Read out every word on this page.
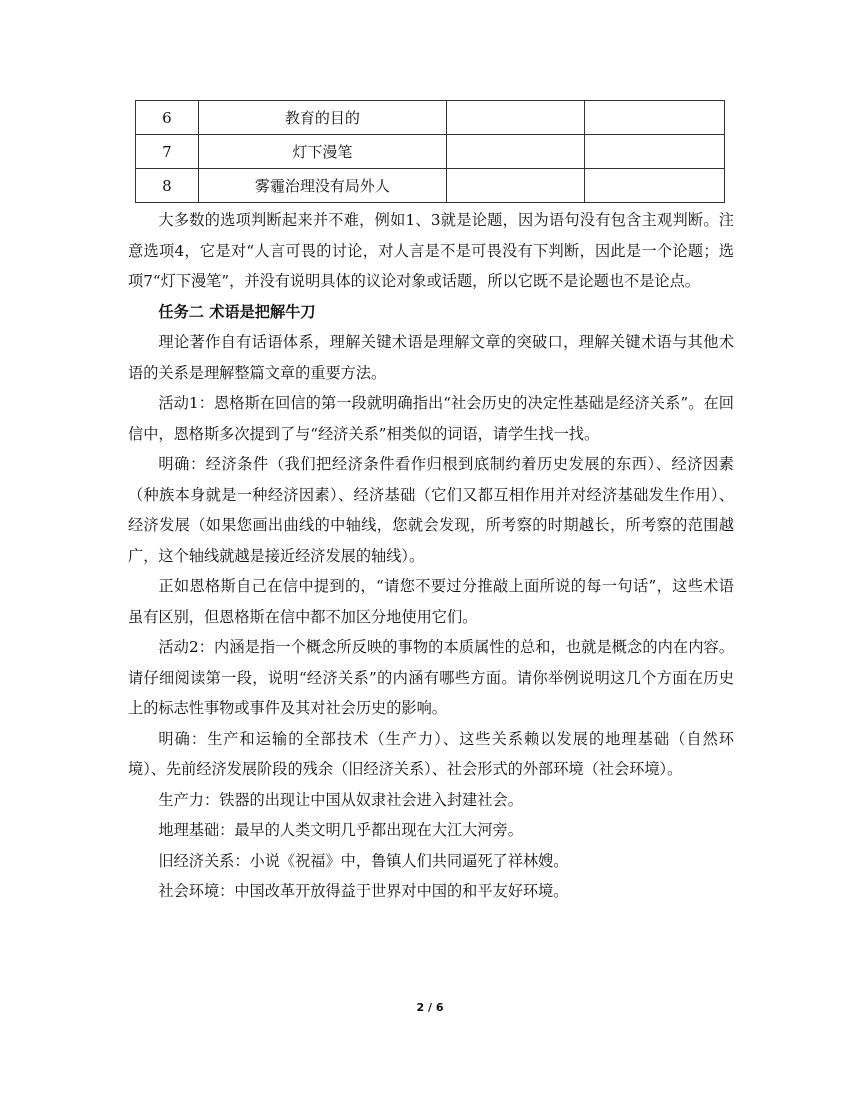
6	教育的目的		
7	灯下漫笔		
8	雾霾治理没有局外人		

大多数的选项判断起来并不难，例如1、3就是论题，因为语句没有包含主观判断。注意选项4，它是对“人言可畏的讨论，对人言是不是可畏没有下判断，因此是一个论题；选项7“灯下漫笔”，并没有说明具体的议论对象或话题，所以它既不是论题也不是论点。

任务二 术语是把解牛刀

理论著作自有话语体系，理解关键术语是理解文章的突破口，理解关键术语与其他术语的关系是理解整篇文章的重要方法。

活动1：恩格斯在回信的第一段就明确指出“社会历史的决定性基础是经济关系”。在回信中，恩格斯多次提到了与“经济关系”相类似的词语，请学生找一找。

明确：经济条件（我们把经济条件看作归根到底制约着历史发展的东西）、经济因素（种族本身就是一种经济因素）、经济基础（它们又都互相作用并对经济基础发生作用）、经济发展（如果您画出曲线的中轴线，您就会发现，所考察的时期越长，所考察的范围越广，这个轴线就越是接近经济发展的轴线）。

正如恩格斯自己在信中提到的，“请您不要过分推敲上面所说的每一句话”，这些术语虽有区别，但恩格斯在信中都不加区分地使用它们。

活动2：内涵是指一个概念所反映的事物的本质属性的总和，也就是概念的内在内容。请仔细阅读第一段，说明“经济关系”的内涵有哪些方面。请你举例说明这几个方面在历史上的标志性事物或事件及其对社会历史的影响。

明确：生产和运输的全部技术（生产力）、这些关系赖以发展的地理基础（自然环境）、先前经济发展阶段的残余（旧经济关系）、社会形式的外部环境（社会环境）。

生产力：铁器的出现让中国从奴隶社会进入封建社会。

地理基础：最早的人类文明几乎都出现在大江大河旁。

旧经济关系：小说《祝福》中，鲁镇人们共同逼死了祥林嫂。

社会环境：中国改革开放得益于世界对中国的和平友好环境。

2 / 6
